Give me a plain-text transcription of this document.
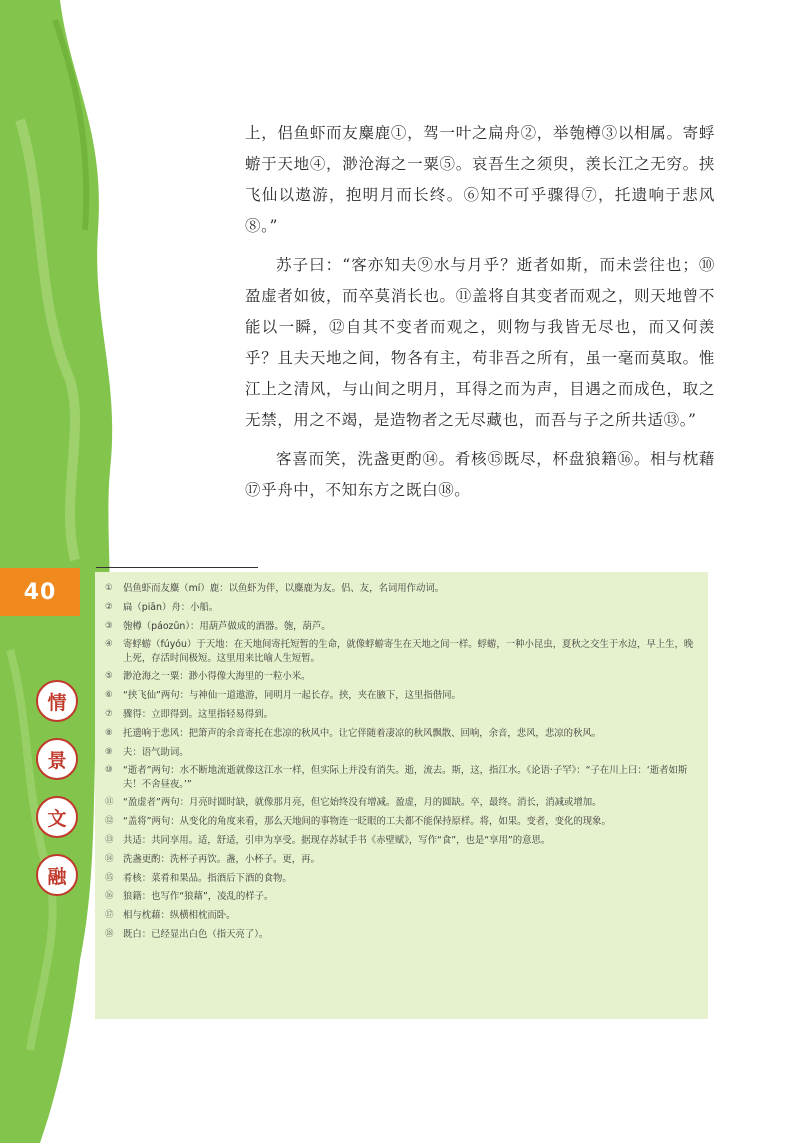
上，侣鱼虾而友麋鹿①，驾一叶之扁舟②，举匏樽③以相属。寄蜉蝣于天地④，渺沧海之一粟⑤。哀吾生之须臾，羡长江之无穷。挟飞仙以遨游，抱明月而长终。⑥知不可乎骤得⑦，托遗响于悲风⑧。”

苏子曰：“客亦知夫⑨水与月乎？逝者如斯，而未尝往也；⑩盈虚者如彼，而卒莫消长也。⑪盖将自其变者而观之，则天地曾不能以一瞬，⑫自其不变者而观之，则物与我皆无尽也，而又何羡乎？且夫天地之间，物各有主，苟非吾之所有，虽一毫而莫取。惟江上之清风，与山间之明月，耳得之而为声，目遇之而成色，取之无禁，用之不竭，是造物者之无尽藏也，而吾与子之所共适⑬。”

客喜而笑，洗盏更酌⑭。肴核⑮既尽，杯盘狼籍⑯。相与枕藉⑰乎舟中，不知东方之既白⑱。

①	侣鱼虾而友麋（mí）鹿：以鱼虾为伴，以麋鹿为友。侣、友，名词用作动词。
②	扁（piān）舟：小船。
③	匏樽（páozūn）：用葫芦做成的酒器。匏，葫芦。
④	寄蜉蝣（fúyóu）于天地：在天地间寄托短暂的生命，就像蜉蝣寄生在天地之间一样。蜉蝣，一种小昆虫，夏秋之交生于水边，早上生，晚上死，存活时间极短。这里用来比喻人生短暂。
⑤	渺沧海之一粟：渺小得像大海里的一粒小米。
⑥	“挟飞仙”两句：与神仙一道遨游，同明月一起长存。挟，夹在腋下，这里指偕同。
⑦	骤得：立即得到。这里指轻易得到。
⑧	托遗响于悲风：把箫声的余音寄托在悲凉的秋风中。让它伴随着凄凉的秋风飘散、回响，余音，悲风，悲凉的秋风。
⑨	夫：语气助词。
⑩	“逝者”两句：水不断地流逝就像这江水一样，但实际上并没有消失。逝，流去。斯，这，指江水。《论语·子罕》：“子在川上曰：‘逝者如斯夫！不舍昼夜。’”
⑪	“盈虚者”两句：月亮时圆时缺，就像那月亮，但它始终没有增减。盈虚，月的圆缺。卒，最终。消长，消减或增加。
⑫	“盖将”两句：从变化的角度来看，那么天地间的事物连一眨眼的工夫都不能保持原样。将，如果。变者，变化的现象。
⑬	共适：共同享用。适，舒适，引申为享受。据现存苏轼手书《赤壁赋》，写作“食”，也是“享用”的意思。
⑭	洗盏更酌：洗杯子再饮。盏，小杯子。更，再。
⑮	肴核：菜肴和果品。指酒后下酒的食物。
⑯	狼籍：也写作“狼藉”，凌乱的样子。
⑰	相与枕藉：纵横相枕而卧。
⑱	既白：已经显出白色（指天亮了）。
40
情
景
文
融
